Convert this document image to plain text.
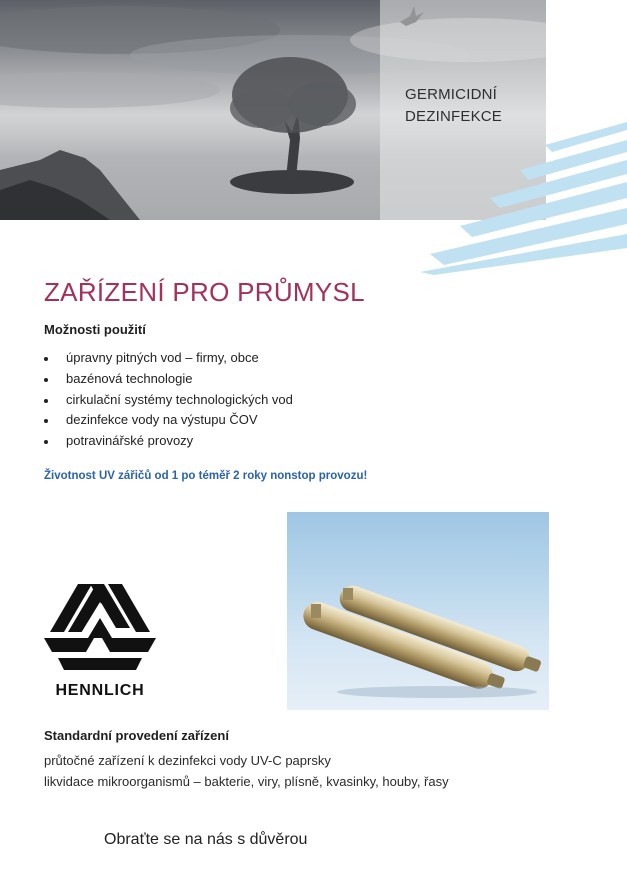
GERMICIDNÍ
DEZINFEKCE
ZAŘÍZENÍ PRO PRŮMYSL
Možnosti použití
úpravny pitných vod – firmy, obce
bazénová technologie
cirkulační systémy technologických vod
dezinfekce vody na výstupu ČOV
potravinářské provozy
Životnost UV zářičů od 1 po téměř 2 roky nonstop provozu!
HENNLICH
Standardní provedení zařízení
průtočné zařízení k dezinfekci vody UV-C paprsky
likvidace mikroorganismů – bakterie, viry, plísně, kvasinky, houby, řasy
Obraťte se na nás s důvěrou
